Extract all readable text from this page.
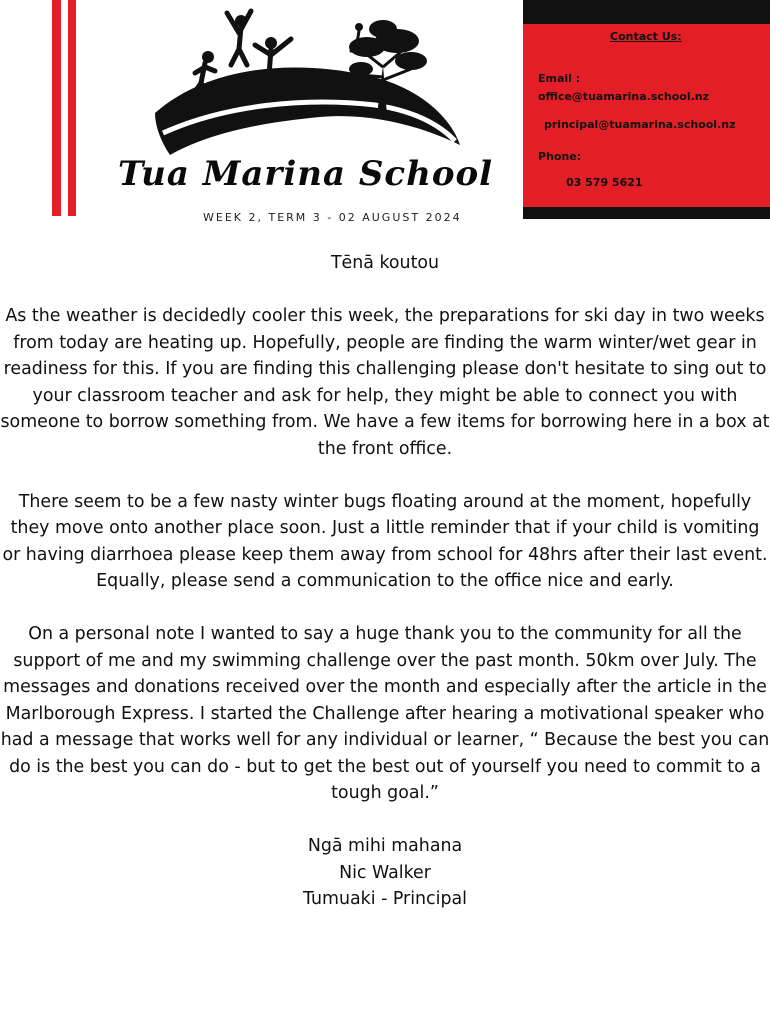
Tua Marina School
WEEK 2, TERM 3 - 02 AUGUST 2024
Contact Us:
Email :
office@tuamarina.school.nz
principal@tuamarina.school.nz
Phone:
03 579 5621

Tēnā koutou

As the weather is decidedly cooler this week, the preparations for ski day in two weeks from today are heating up. Hopefully, people are finding the warm winter/wet gear in readiness for this. If you are finding this challenging please don't hesitate to sing out to your classroom teacher and ask for help, they might be able to connect you with someone to borrow something from. We have a few items for borrowing here in a box at the front office.

There seem to be a few nasty winter bugs floating around at the moment, hopefully they move onto another place soon. Just a little reminder that if your child is vomiting or having diarrhoea please keep them away from school for 48hrs after their last event. Equally, please send a communication to the office nice and early.

On a personal note I wanted to say a huge thank you to the community for all the support of me and my swimming challenge over the past month. 50km over July. The messages and donations received over the month and especially after the article in the Marlborough Express. I started the Challenge after hearing a motivational speaker who had a message that works well for any individual or learner, “ Because the best you can do is the best you can do - but to get the best out of yourself you need to commit to a tough goal.”

Ngā mihi mahana

Nic Walker

Tumuaki - Principal
